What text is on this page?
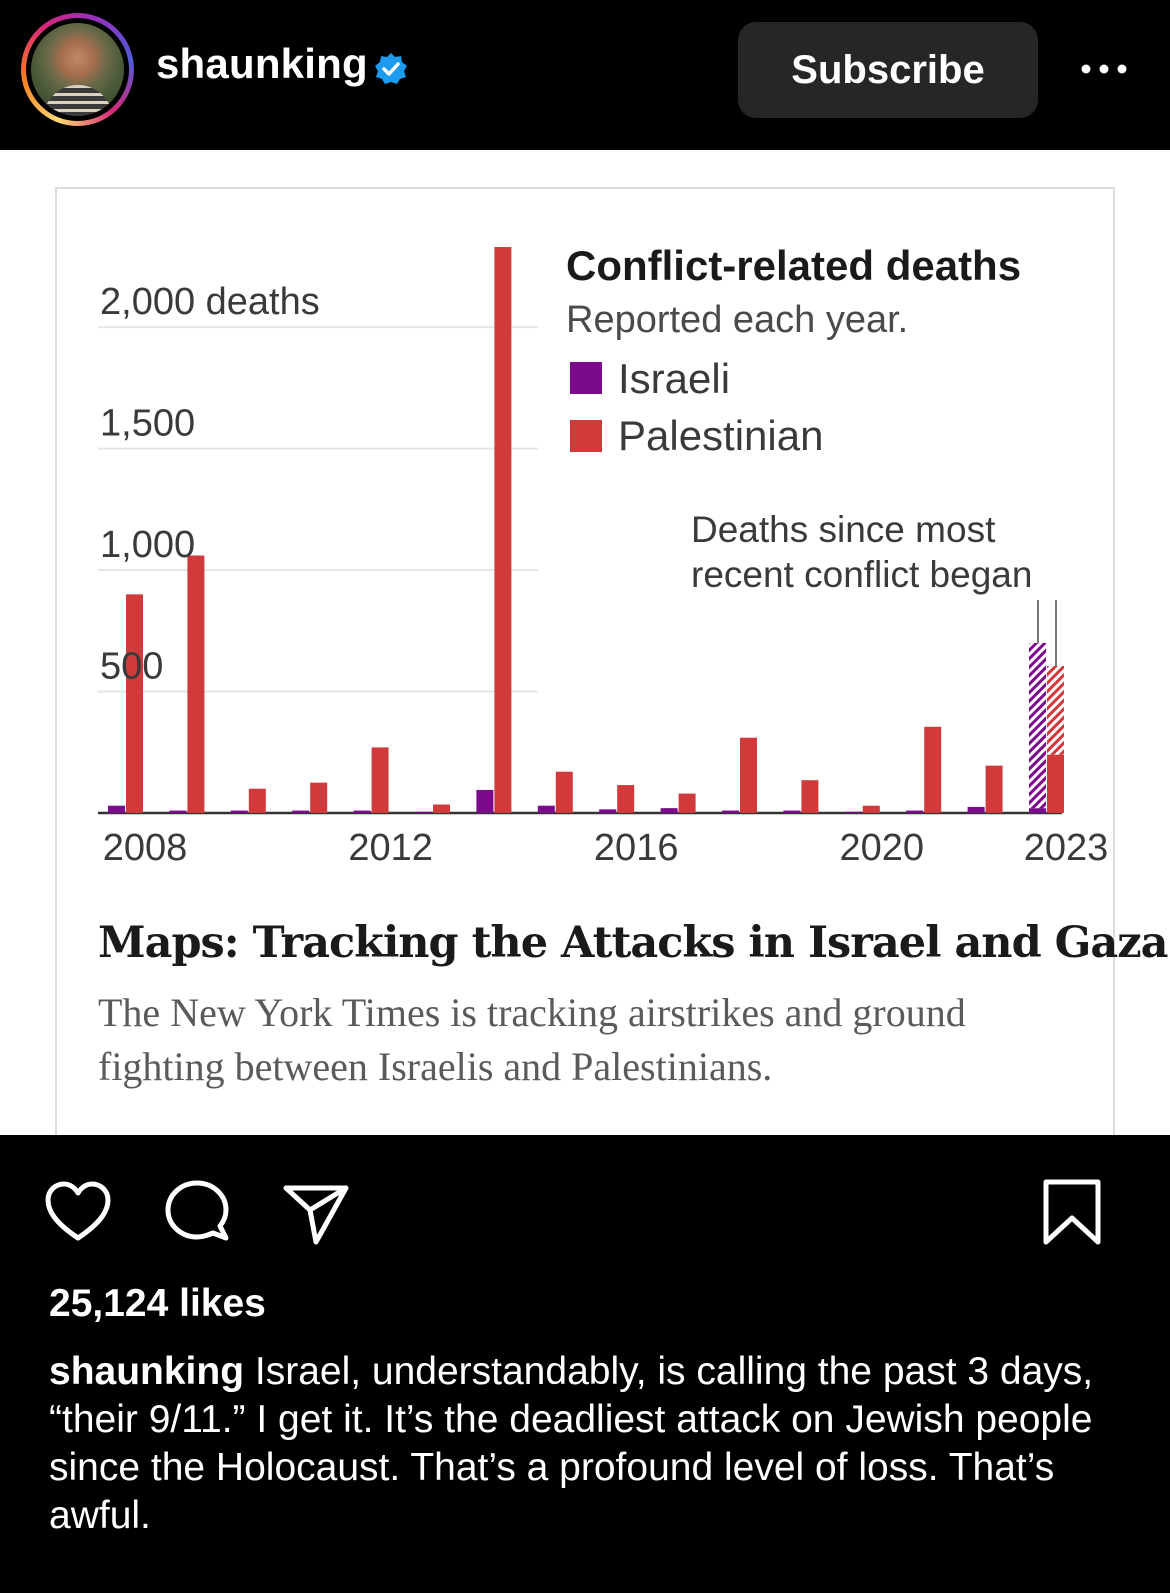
shaunking	Subscribe
2,000 deaths
1,500
1,000
500
2008	2012	2016	2020	2023
Conflict-related deaths
Reported each year.
Israeli
Palestinian
Deaths since most
recent conflict began
Maps: Tracking the Attacks in Israel and Gaza
The New York Times is tracking airstrikes and ground fighting between Israelis and Palestinians.
25,124 likes
shaunking Israel, understandably, is calling the past 3 days, “their 9/11.” I get it. It’s the deadliest attack on Jewish people since the Holocaust. That’s a profound level of loss. That’s awful.
